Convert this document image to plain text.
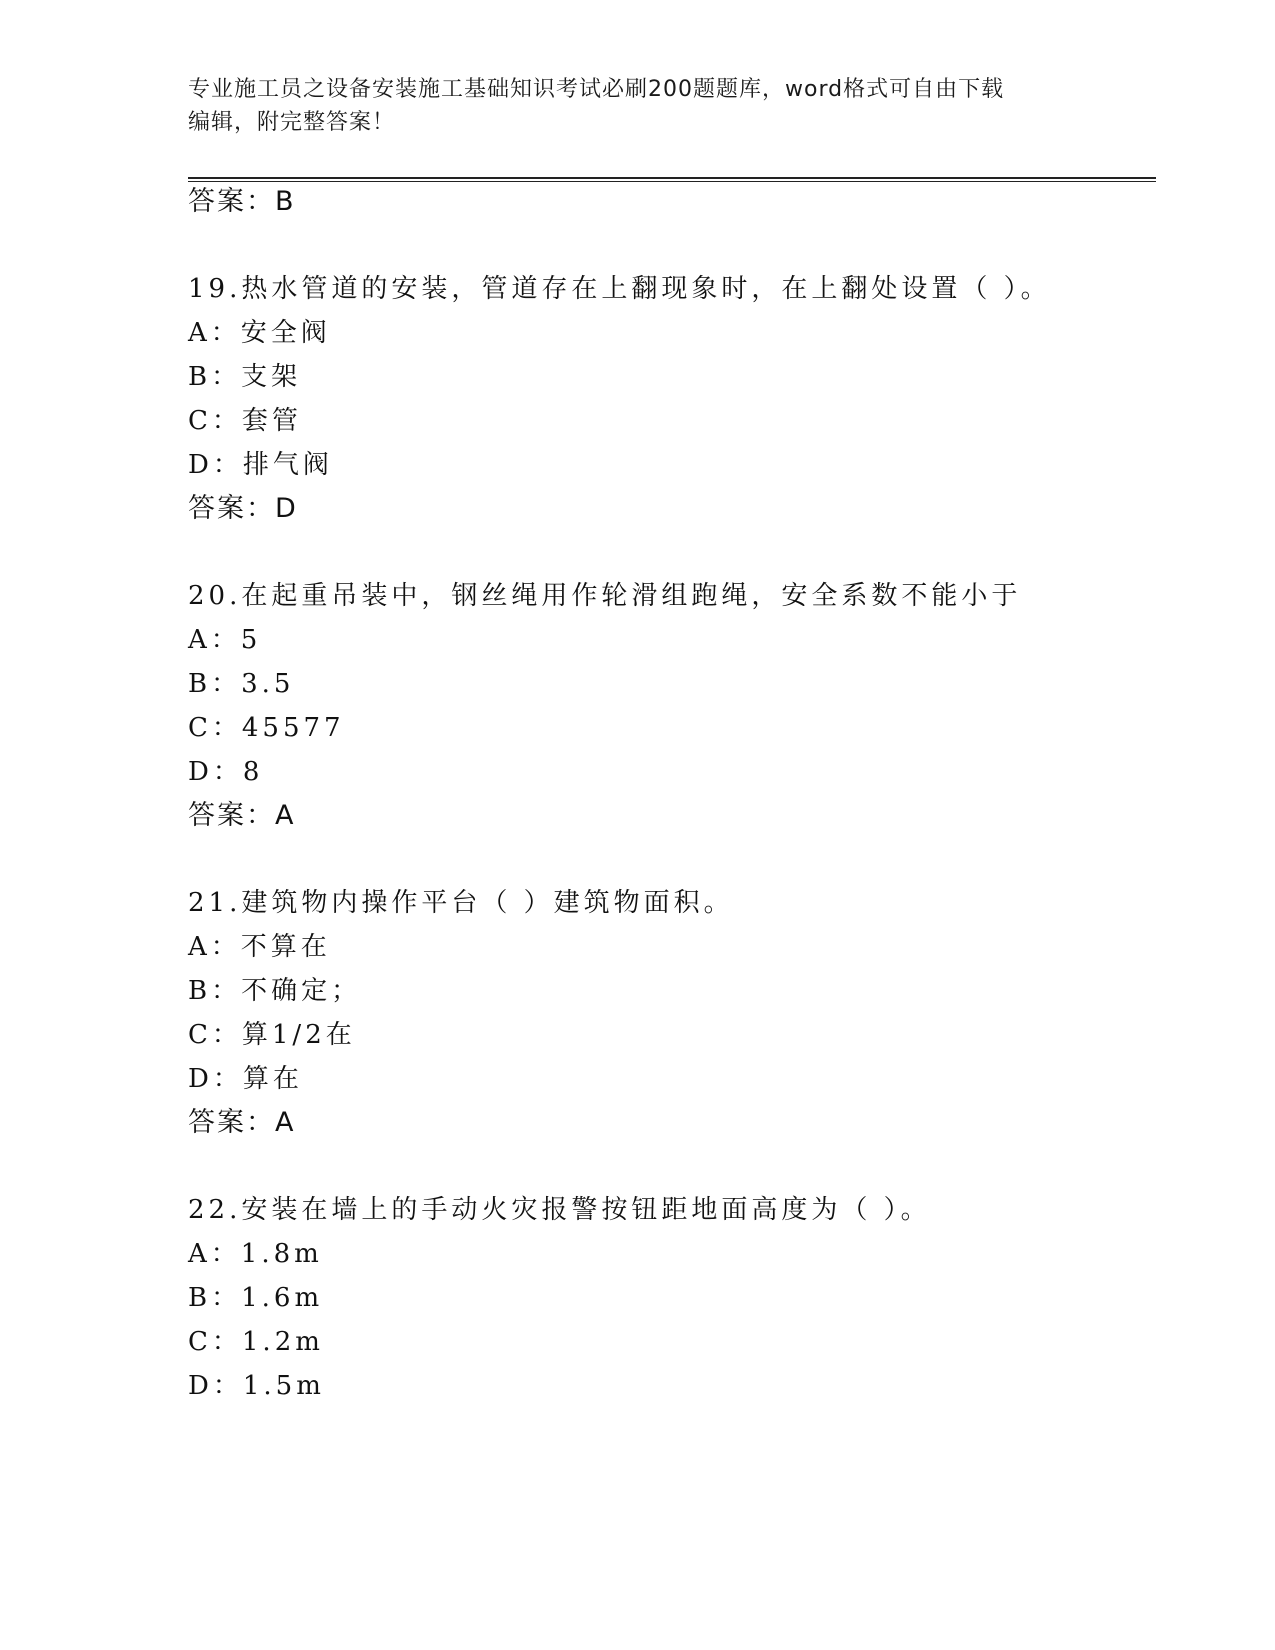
专业施工员之设备安装施工基础知识考试必刷200题题库，word格式可自由下载
编辑，附完整答案！
答案：B
19.热水管道的安装，管道存在上翻现象时，在上翻处设置（ ）。
A：安全阀
B：支架
C：套管
D：排气阀
答案：D
20.在起重吊装中，钢丝绳用作轮滑组跑绳，安全系数不能小于
A：5
B：3.5
C：45577
D：8
答案：A
21.建筑物内操作平台（ ）建筑物面积。
A：不算在
B：不确定；
C：算1/2在
D：算在
答案：A
22.安装在墙上的手动火灾报警按钮距地面高度为（ ）。
A：1.8m
B：1.6m
C：1.2m
D：1.5m
